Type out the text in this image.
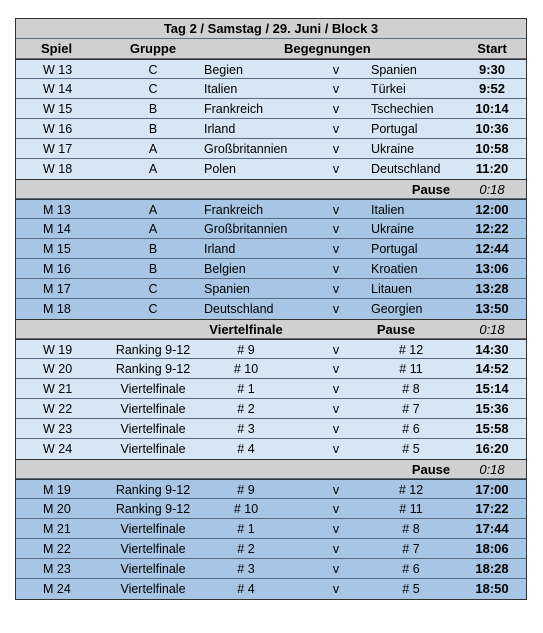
Tag 2 / Samstag / 29. Juni / Block 3
Spiel	Gruppe	Begegnungen	Start
W 13	C	Begien	v	Spanien	9:30
W 14	C	Italien	v	Türkei	9:52
W 15	B	Frankreich	v	Tschechien	10:14
W 16	B	Irland	v	Portugal	10:36
W 17	A	Großbritannien	v	Ukraine	10:58
W 18	A	Polen	v	Deutschland	11:20
Pause	0:18
M 13	A	Frankreich	v	Italien	12:00
M 14	A	Großbritannien	v	Ukraine	12:22
M 15	B	Irland	v	Portugal	12:44
M 16	B	Belgien	v	Kroatien	13:06
M 17	C	Spanien	v	Litauen	13:28
M 18	C	Deutschland	v	Georgien	13:50
Viertelfinale	Pause	0:18
W 19	Ranking 9-12	# 9	v	# 12	14:30
W 20	Ranking 9-12	# 10	v	# 11	14:52
W 21	Viertelfinale	# 1	v	# 8	15:14
W 22	Viertelfinale	# 2	v	# 7	15:36
W 23	Viertelfinale	# 3	v	# 6	15:58
W 24	Viertelfinale	# 4	v	# 5	16:20
Pause	0:18
M 19	Ranking 9-12	# 9	v	# 12	17:00
M 20	Ranking 9-12	# 10	v	# 11	17:22
M 21	Viertelfinale	# 1	v	# 8	17:44
M 22	Viertelfinale	# 2	v	# 7	18:06
M 23	Viertelfinale	# 3	v	# 6	18:28
M 24	Viertelfinale	# 4	v	# 5	18:50
